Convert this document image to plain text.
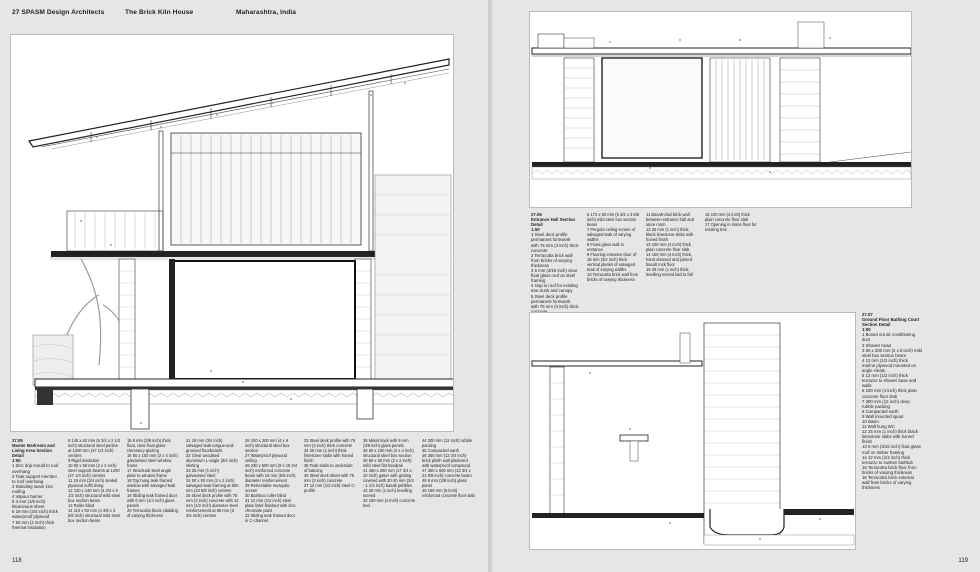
27 SPASM Design Architects	The Brick Kiln House	Maharashtra, India
27.05
Master Bedroom and Living Area Section Detail
1:50
1 Zinc drip mould to roof overhang
2 Teak support member to roof overhang
3 Standing seam zinc roofing
4 Vapour barrier
5 3 mm (1/8 inch) bituminous sheet
6 19 mm (3/4 inch) thick waterproof plywood
7 50 mm (2 inch) thick thermal insulation
8 145 x 62 mm (5 3/4 x 2 1/2 inch) structural steel purlins at 1200 mm (47 1/4 inch) centres
9 Rigid insulation
10 50 x 50 mm (2 x 2 inch) steel support beams at 1200 (47 1/4 inch) centres
11 19 mm (3/4 inch) sealed plywood soffit lining
12 120 x 240 mm (4 3/4 x 9 1/2 inch) structural mild steel box section beam
13 Roller blind
14 110 x 92 mm (4 3/8 x 3 5/8 inch) structural mild steel box section beam
15 8 mm (3/8 inch) thick float, clear float glass clerestory glazing
16 50 x 100 mm (2 x 4 inch) galvanised steel window frame
17 Structural steel angle plate to window frame
18 Top hung teak framed window with salvaged teak frames
19 Sliding teak framed door with 6 mm (1/4 inch) glass panels
20 Terracotta block cladding of varying thickness
21 18 mm (3/4 inch) salvaged teak tongue-and-grooved floorboards
22 Clear anodised aluminium L-angle (3/4 inch) skirting
23 25 mm (1 inch) galvanised steel
24 50 x 50 mm (2 x 2 inch) salvaged teak framing at 600 mm (23 5/8 inch) centres
25 Steel deck profile with 75 mm (3 inch) concrete with 12 mm (1/2 inch) diameter steel reinforcement at 95 mm (3 3/4 inch) centres
26 100 x 200 mm (4 x 8 inch) structural steel box section
27 Waterproof plywood ceiling
28 230 x 500 mm (9 x 19 3/4 inch) reinforced concrete beam with 16 mm (5/8 inch) diameter reinforcement
29 Retractable mosquito screen
30 Bamboo roller blind
31 12 mm (1/2 inch) steel plate lintel finished with zinc chromate paint
32 Sliding teak framed door in C-channel
33 Steel deck profile with 75 mm (3 inch) thick concrete
34 25 mm (1 inch) thick limestone slabs with honed finish
35 Teak slabs to underside of balcony
36 Steel deck sheet with 75 mm (3 inch) concrete
37 12 mm (1/2 inch) steel C-profile
38 Metal track with 9 mm (3/8 inch) glass panels
39 50 x 100 mm (2 x 4 inch) structural steel box section
40 50 x 50 mm (2 x 2 inch) mild steel flat handrail
41 450 x 250 mm (17 3/4 x 10 inch) gutter with grating covered with 20-30 mm (3/4 - 1 1/4 inch) basalt pebbles
42 25 mm (1 inch) levelling screed
43 100 mm (4 inch) concrete bed
44 300 mm (12 inch) rubble packing
45 Compacted earth
46 350 mm (13 3/4 inch) brick plinth wall plastered with waterproof compound
47 350 x 600 mm (13 3/4 x 23 5/8 inch) concrete beam
48 8 mm (3/8 inch) glass panel
49 150 mm (6 inch) reinforced concrete floor slab
118
27.06
Entrance Hall Section Detail
1:50
1 Steel deck profile permanent formwork with 75 mm (3 inch) thick concrete
2 Terracotta brick wall from bricks of varying thickness
3 5 mm (3/16 inch) clear float glass roof on steel framing
4 Gap in roof for existing tree trunk and canopy
5 Steel deck profile permanent formwork with 75 mm (3 inch) thick
6 172 x 92 mm (6 3/4 x 3 5/8 inch) mild steel box section beam
7 Pergola ceiling screen of salvaged teak of varying widths
8 Fixed glass wall to entrance
9 Flooring entrance door of 18 mm (3/4 inch) thick vertical planks of salvaged teak of varying widths
10 Terracotta brick wall from bricks of varying thickness
11 Basalt-clad brick wall between entrance hall and store room
12 25 mm (1 inch) thick black limestone slabs with honed finish
13 100 mm (4 inch) thick plain concrete floor slab
14 100 mm (4 inch) thick, hand dressed and jointed basalt rock floor
15 25 mm (1 inch) thick levelling screed laid to fall
16 100 mm (4 inch) thick plain concrete floor slab
17 Opening in stone floor for existing tree
27.07
Ground Floor Bathing Court Section Detail
1:50
1 Boxed out air conditioning duct
2 Shower head
3 50 x 200 mm (2 x 8 inch) mild steel box section beam
4 12 mm (1/2 inch) thick marine plywood mounted on angle cleats
5 12 mm (1/2 inch) thick terrazzo to shower base and walls
6 100 mm (4 inch) thick plain concrete floor slab
7 300 mm (12 inch) deep rubble packing
8 Compacted earth
9 Wall mounted spout
10 Basin
11 Wall hung WC
12 25 mm (1 inch) thick black limestone slabs with honed finish
13 5 mm (3/16 inch) float glass roof on timber framing
14 12 mm (1/2 inch) thick terrazzo to sunken bathtub
15 Terracotta brick floor from bricks of varying thickness
16 Terracotta brick external wall from bricks of varying thickness
119
